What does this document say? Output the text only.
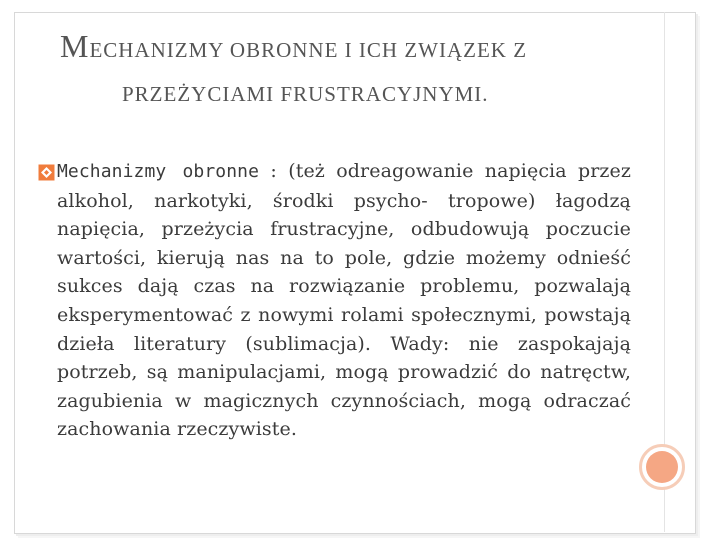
MECHANIZMY OBRONNE I ICH ZWIĄZEK Z
PRZEŻYCIAMI FRUSTRACYJNYMI.

Mechanizmy obronne : (też odreagowanie napięcia przez alkohol, narkotyki, środki psycho- tropowe) łagodzą napięcia, przeżycia frustracyjne, odbudowują poczucie wartości, kierują nas na to pole, gdzie możemy odnieść sukces dają czas na rozwiązanie problemu, pozwalają eksperymentować z nowymi rolami społecznymi, powstają dzieła literatury (sublimacja). Wady: nie zaspokajają potrzeb, są manipulacjami, mogą prowadzić do natręctw, zagubienia w magicznych czynnościach, mogą odraczać zachowania rzeczywiste.
